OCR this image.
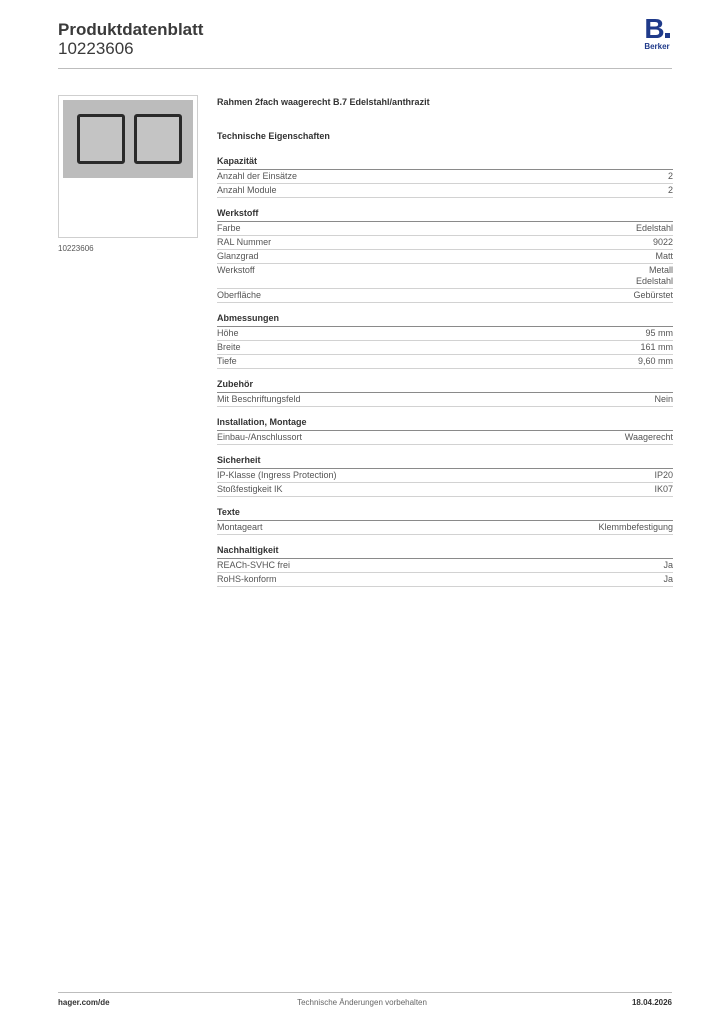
Produktdatenblatt
10223606
B
Berker
10223606
Rahmen 2fach waagerecht B.7 Edelstahl/anthrazit
Technische Eigenschaften
Kapazität
Anzahl der Einsätze	2
Anzahl Module	2
Werkstoff
Farbe	Edelstahl
RAL Nummer	9022
Glanzgrad	Matt
Werkstoff	Metall
Edelstahl
Oberfläche	Gebürstet
Abmessungen
Höhe	95 mm
Breite	161 mm
Tiefe	9,60 mm
Zubehör
Mit Beschriftungsfeld	Nein
Installation, Montage
Einbau-/Anschlussort	Waagerecht
Sicherheit
IP-Klasse (Ingress Protection)	IP20
Stoßfestigkeit IK	IK07
Texte
Montageart	Klemmbefestigung
Nachhaltigkeit
REACh-SVHC frei	Ja
RoHS-konform	Ja
hager.com/de	Technische Änderungen vorbehalten	18.04.2026
